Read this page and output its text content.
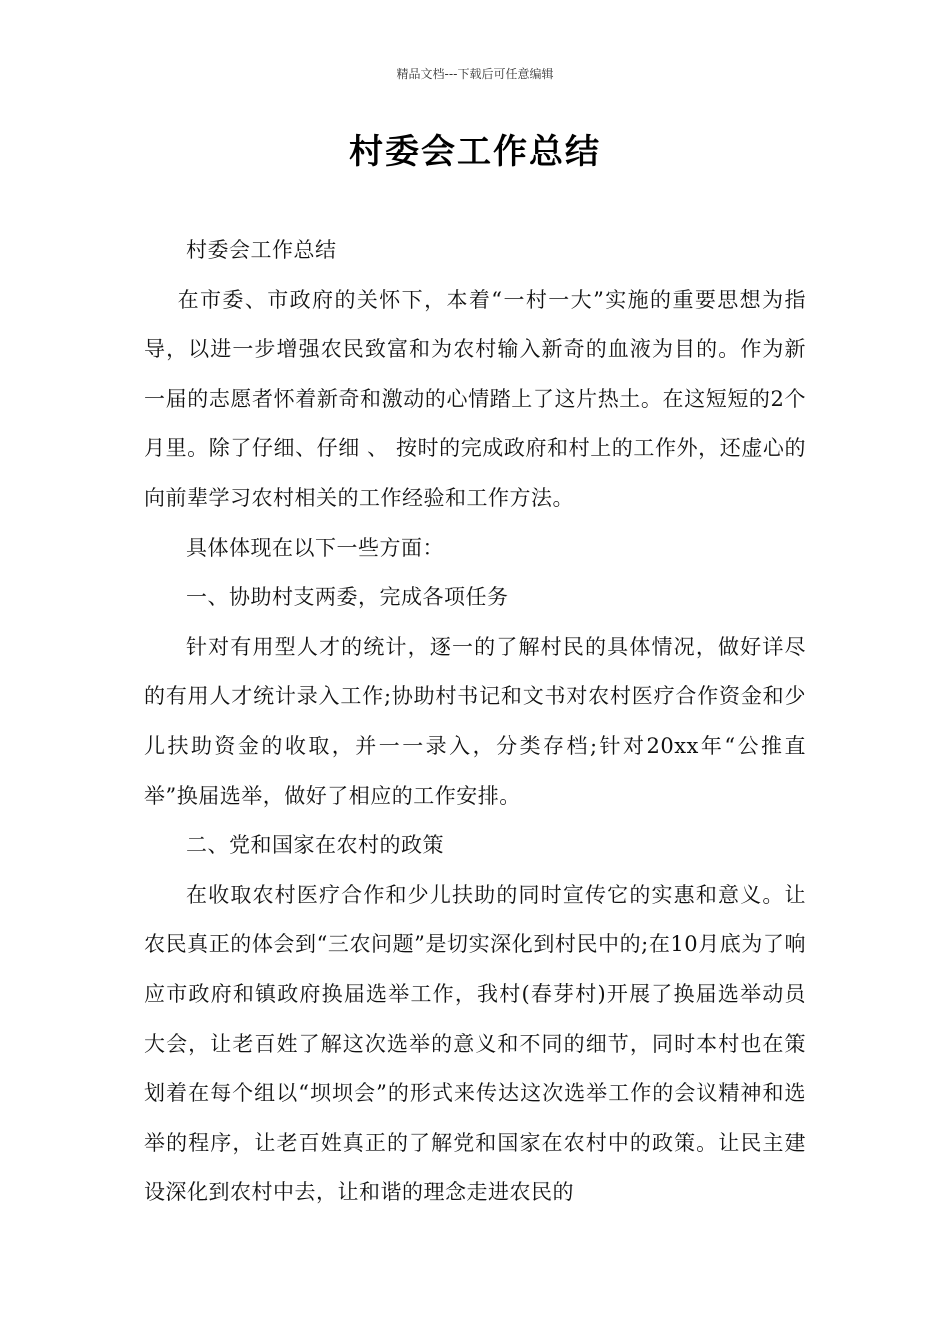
精品文档---下载后可任意编辑
村委会工作总结

村委会工作总结

在市委、市政府的关怀下，本着“一村一大”实施的重要思想为指导，以进一步增强农民致富和为农村输入新奇的血液为目的。作为新一届的志愿者怀着新奇和激动的心情踏上了这片热土。在这短短的2个月里。除了仔细、仔细 、 按时的完成政府和村上的工作外，还虚心的向前辈学习农村相关的工作经验和工作方法。

具体体现在以下一些方面：

一、协助村支两委，完成各项任务

针对有用型人才的统计，逐一的了解村民的具体情况，做好详尽的有用人才统计录入工作;协助村书记和文书对农村医疗合作资金和少儿扶助资金的收取，并一一录入，分类存档;针对20xx年“公推直举”换届选举，做好了相应的工作安排。

二、党和国家在农村的政策

在收取农村医疗合作和少儿扶助的同时宣传它的实惠和意义。让农民真正的体会到“三农问题”是切实深化到村民中的;在10月底为了响应市政府和镇政府换届选举工作，我村(春芽村)开展了换届选举动员大会，让老百姓了解这次选举的意义和不同的细节，同时本村也在策划着在每个组以“坝坝会”的形式来传达这次选举工作的会议精神和选举的程序，让老百姓真正的了解党和国家在农村中的政策。让民主建设深化到农村中去，让和谐的理念走进农民的
